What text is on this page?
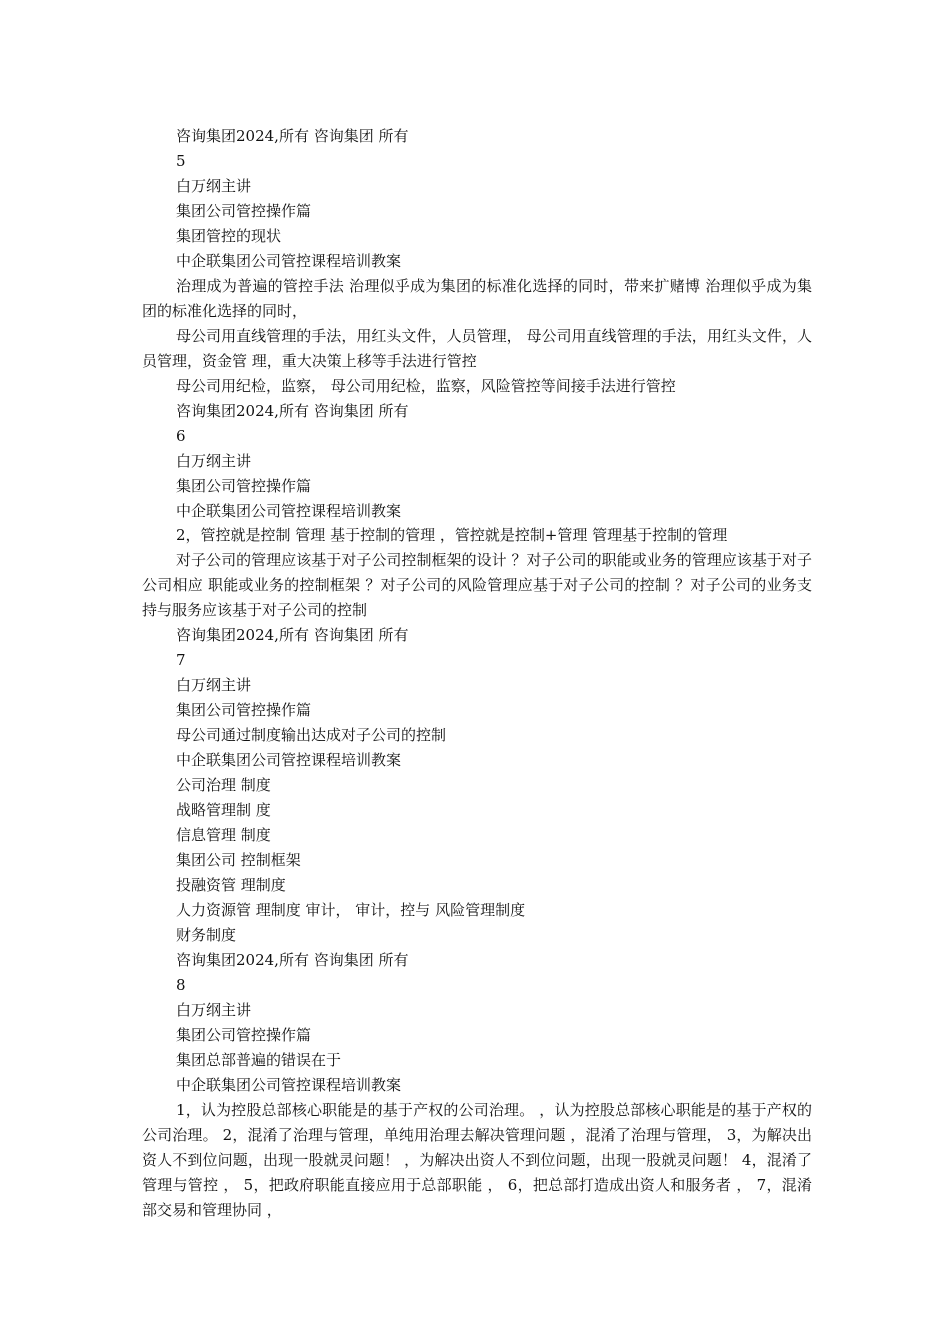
咨询集团2024,所有 咨询集团 所有
5
白万纲主讲
集团公司管控操作篇
集团管控的现状
中企联集团公司管控课程培训教案
治理成为普遍的管控手法 治理似乎成为集团的标准化选择的同时，带来扩赌博 治理似乎成为集团的标准化选择的同时，
母公司用直线管理的手法，用红头文件，人员管理， 母公司用直线管理的手法，用红头文件，人员管理，资金管 理，重大决策上移等手法进行管控
母公司用纪检，监察， 母公司用纪检，监察，风险管控等间接手法进行管控
咨询集团2024,所有 咨询集团 所有
6
白万纲主讲
集团公司管控操作篇
中企联集团公司管控课程培训教案
2，管控就是控制 管理 基于控制的管理 ，管控就是控制+管理 管理基于控制的管理
对子公司的管理应该基于对子公司控制框架的设计 ？对子公司的职能或业务的管理应该基于对子公司相应 职能或业务的控制框架 ？对子公司的风险管理应基于对子公司的控制 ？对子公司的业务支持与服务应该基于对子公司的控制
咨询集团2024,所有 咨询集团 所有
7
白万纲主讲
集团公司管控操作篇
母公司通过制度输出达成对子公司的控制
中企联集团公司管控课程培训教案
公司治理 制度
战略管理制 度
信息管理 制度
集团公司 控制框架
投融资管 理制度
人力资源管 理制度 审计， 审计，控与 风险管理制度
财务制度
咨询集团2024,所有 咨询集团 所有
8
白万纲主讲
集团公司管控操作篇
集团总部普遍的错误在于
中企联集团公司管控课程培训教案
1，认为控股总部核心职能是的基于产权的公司治理。 ，认为控股总部核心职能是的基于产权的公司治理。 2，混淆了治理与管理，单纯用治理去解决管理问题 ，混淆了治理与管理， 3，为解决出资人不到位问题，出现一股就灵问题！ ，为解决出资人不到位问题，出现一股就灵问题！ 4，混淆了管理与管控 ， 5，把政府职能直接应用于总部职能 ， 6，把总部打造成出资人和服务者 ， 7，混淆部交易和管理协同 ，
